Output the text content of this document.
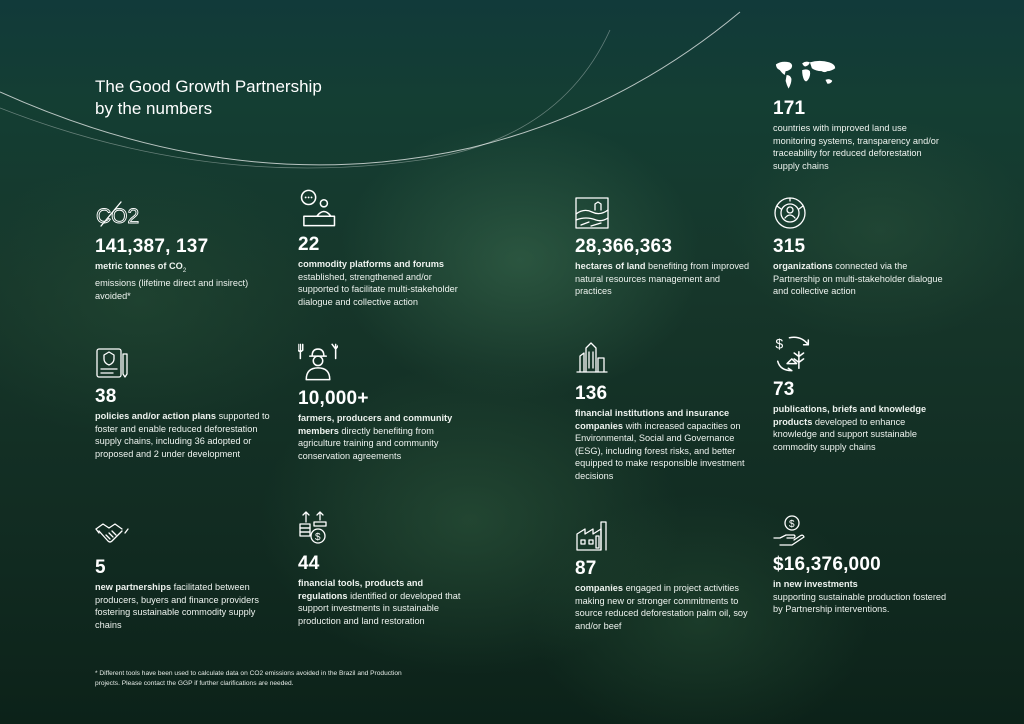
The Good Growth Partnership
by the numbers
CO2
141,387, 137
metric tonnes of $CO_2$
emissions (lifetime direct and insirect) avoided*
38
policies and/or action plans supported to foster and enable reduced deforestation supply chains, including 36 adopted or proposed and 2 under development
5
new partnerships facilitated between producers, buyers and finance providers fostering sustainable commodity supply chains
22
commodity platforms and forums established, strengthened and/or supported to facilitate multi-stakeholder dialogue and collective action
10,000+
farmers, producers and community members directly benefiting from agriculture training and community conservation agreements
$
44
financial tools, products and regulations identified or developed that support investments in sustainable production and land restoration
28,366,363
hectares of land benefiting from improved natural resources management and practices
136
financial institutions and insurance companies with increased capacities on Environmental, Social and Governance (ESG), including forest risks, and better equipped to make responsible investment decisions
87
companies engaged in project activities making new or stronger commitments to source reduced deforestation palm oil, soy and/or beef
171
countries with improved land use monitoring systems, transparency and/or traceability for reduced deforestation supply chains
315
organizations connected via the Partnership on multi-stakeholder dialogue and collective action
$
73
publications, briefs and knowledge products developed to enhance knowledge and support sustainable commodity supply chains
$
$16,376,000
in new investments
supporting sustainable production fostered by Partnership interventions.
* Different tools have been used to calculate data on CO2 emissions avoided in the Brazil and Production projects. Please contact the GGP if further clarifications are needed.
